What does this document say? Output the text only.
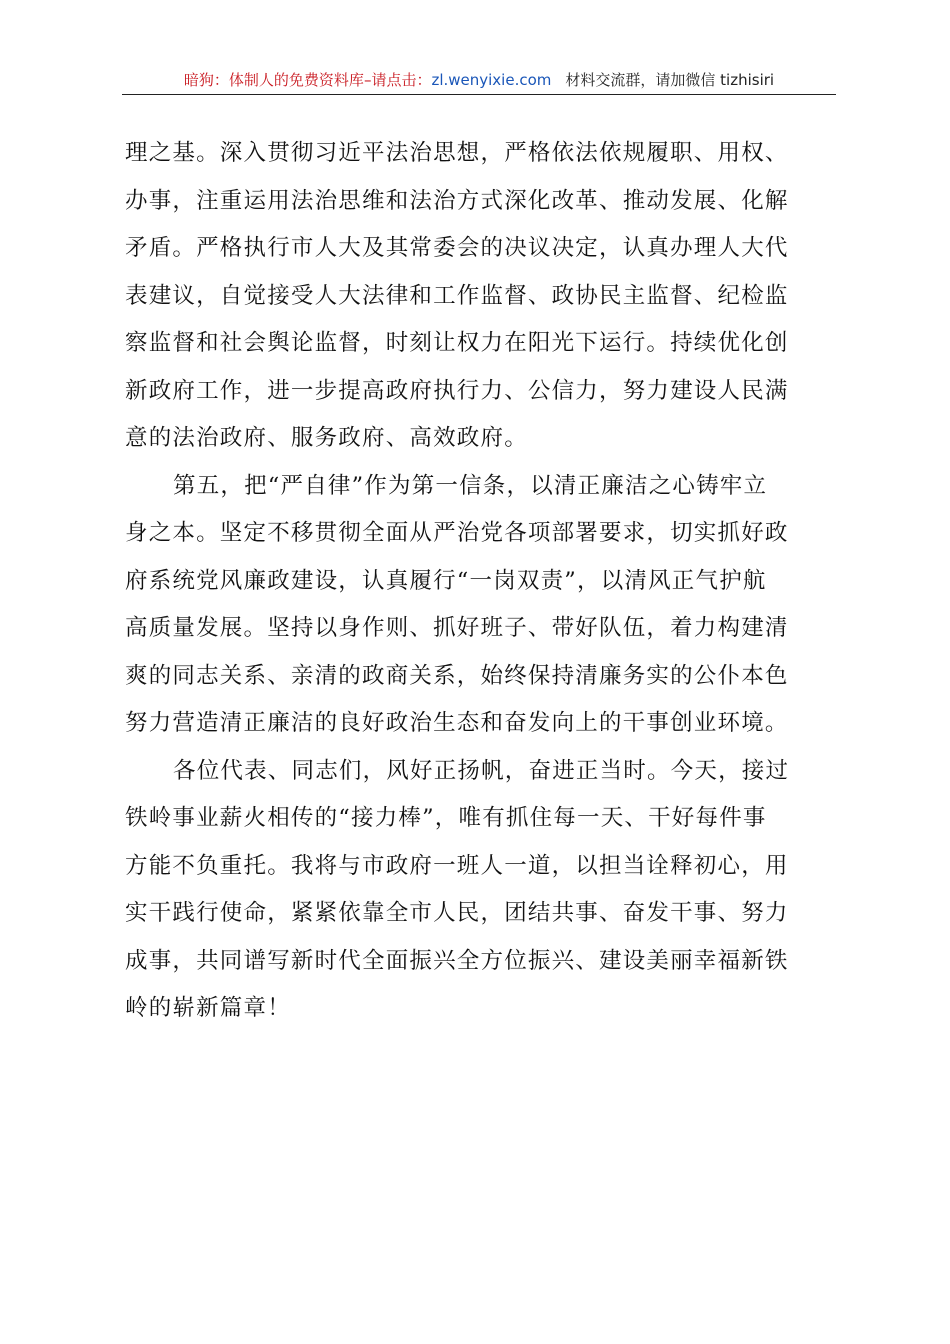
暗狗：体制人的免费资料库–请点击：zl.wenyixie.com 材料交流群，请加微信 tizhisiri
理之基。深入贯彻习近平法治思想，严格依法依规履职、用权、
办事，注重运用法治思维和法治方式深化改革、推动发展、化解
矛盾。严格执行市人大及其常委会的决议决定，认真办理人大代
表建议，自觉接受人大法律和工作监督、政协民主监督、纪检监
察监督和社会舆论监督，时刻让权力在阳光下运行。持续优化创
新政府工作，进一步提高政府执行力、公信力，努力建设人民满
意的法治政府、服务政府、高效政府。
第五，把“严自律”作为第一信条，以清正廉洁之心铸牢立
身之本。坚定不移贯彻全面从严治党各项部署要求，切实抓好政
府系统党风廉政建设，认真履行“一岗双责”，以清风正气护航
高质量发展。坚持以身作则、抓好班子、带好队伍，着力构建清
爽的同志关系、亲清的政商关系，始终保持清廉务实的公仆本色
努力营造清正廉洁的良好政治生态和奋发向上的干事创业环境。
各位代表、同志们，风好正扬帆，奋进正当时。今天，接过
铁岭事业薪火相传的“接力棒”，唯有抓住每一天、干好每件事
方能不负重托。我将与市政府一班人一道，以担当诠释初心，用
实干践行使命，紧紧依靠全市人民，团结共事、奋发干事、努力
成事，共同谱写新时代全面振兴全方位振兴、建设美丽幸福新铁
岭的崭新篇章！
